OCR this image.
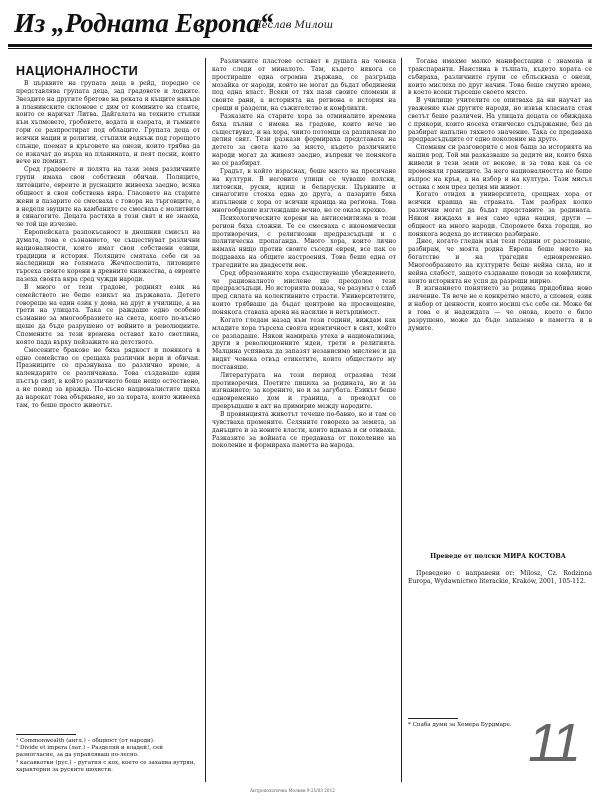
Из „Родната Европа“
Чеслав Милош
НАЦИОНАЛНОСТИ

В църквите на групата деца в рейд, поредно се представлява групата деца, зад градовете и лодките. Звездите на другите брегове на реката и къщите някъде в планинските склонове с дим от комините на стаите, които се наричат Литва. Дайгалата на техните стъпки към хълмовете, гробовете, водата и езерата, и тъмните гори се разпростират под облаците. Групата деца от всички нации и религии, стъпили веднъж под горещото слънце, поемат в кръговете на онези, които трябва да се изкачат до върха на планината, и пеят песни, които вече не помнят.

Сред градовете и полята на тази земя различните групи имаха свои собствени обичаи. Поляците, литовците, евреите и руснаците живееха заедно, всяка общност в своя собствена вяра. Гласовете на старите жени в пазарите се смесваха с говора на търговците, а в неделя звуците на камбаните се смесваха с молитвите в синагогите. Децата растяха в този свят и не знаеха, че той ще изчезне.

Европейската разпокъсаност в днешния смисъл на думата, това е съзнанието, че съществуват различни националности, които имат свои собствени езици, традиции и история. Поляците смятаха себе си за наследници на голямата Жечпосполита, литовците търсеха своите корени в древните княжества, а евреите пазеха своята вяра сред чужди народи.

В много от тези градове, родният език на семейството не беше езикът на държавата. Детето говореше на един език у дома, на друг в училище, а на трети на улицата. Така се раждаше едно особено съзнание за многообразието на света, което по-късно щеше да бъде разрушено от войните и революциите. Спомените за тези времена остават като светлина, която пада върху пейзажите на детството.

Смесените бракове не бяха рядкост и понякога в едно семейство се срещаха различни вери и обичаи. Празниците се празнуваха по различно време, а календарите се различаваха. Това създаваше един пъстър свят, в който различието беше нещо естествено, а не повод за вражда. По-късно националистите щяха да нарекат това объркване, но за хората, които живееха там, то беше просто животът.

Различните пластове остават в душата на човека като следи от миналото. Там, където някога се простираше една огромна държава, се разгръща мозайка от народи, които не могат да бъдат обединени под една власт. Всеки от тях пази своите спомени и своите рани, а историята на региона е история на срещи и раздели, на съжителство и конфликти.

Разказите на старите хора за отминалите времена бяха пълни с имена на градове, които вече не съществуват, и на хора, чиито потомци са разпилени по целия свят. Тези разкази формираха представата на детето за света като за място, където различните народи могат да живеят заедно, въпреки че понякога не се разбират.

Градът, в който израснах, беше място на пресичане на култури. В неговите улици се чуваше полски, литовски, руски, идиш и беларуски. Църквите и синагогите стояха една до друга, а пазарите бяха изпълнени с хора от всички краища на региона. Това многообразие изглеждаше вечно, но се оказа крехко.

Психологическите корени на антисемитизма в този регион бяха сложни. Те се смесваха с икономически противоречия, с религиозни предразсъдъци и с политическа пропаганда. Много хора, които лично нямаха нищо против своите съседи евреи, все пак се поддаваха на общите настроения. Това беше една от трагедиите на двадесети век.

Сред образованите хора съществуваше убеждението, че рационалното мислене ще преодолее тези предразсъдъци. Но историята показа, че разумът е слаб пред силата на колективните страсти. Университетите, които трябваше да бъдат центрове на просвещение, понякога ставаха арена на насилие и нетърпимост.

Когато гледам назад към тези години, виждам как младите хора търсеха своята идентичност в свят, който се разпадаше. Някои намираха утеха в национализма, други в революционните идеи, трети в религията. Малцина успяваха да запазят независимо мислене и да видят човека отвъд етикетите, които обществото му поставяше.

Литературата на този период отразява тези противоречия. Поетите пишеха за родината, но и за изгнанието; за корените, но и за загубата. Езикът беше едновременно дом и граница, а преводът се превръщаше в акт на примирие между народите.

В провинцията животът течеше по-бавно, но и там се чувстваха промените. Селяните говореха за земята, за данъците и за новите власти, които идваха и си отиваха. Разказите за войната се предаваха от поколение на поколение и формираха паметта на народа.

Тогава имахме малко манифестации с знамена и транспаранти. Наистина в тълпата, където хората се събираха, различните групи се сблъскваха с онези, които мислеха по друг начин. Това беше смутно време, в което всеки търсеше своето място.

В училище учителите се опитваха да ни научат на уважение към другите народи, но извън класната стая светът беше различен. На улицата децата се обиждаха с прякори, които носеха етническо съдържание, без да разбират напълно тяхното значение. Така се предаваха предразсъдъците от едно поколение на друго.

Спомням си разговорите с моя баща за историята на нашия род. Той ми разказваше за дедите ни, които бяха живели в тези земи от векове, и за това как са се променяли границите. За него националността не беше въпрос на кръв, а на избор и на култура. Тази мисъл остана с мен през целия ми живот.

Когато отидох в университета, срещнах хора от всички краища на страната. Там разбрах колко различни могат да бъдат представите за родината. Някои виждаха в нея само една нация, други — общност на много народи. Споровете бяха горещи, но понякога водеха до истинско разбиране.

Днес, когато гледам към тези години от разстояние, разбирам, че моята родна Европа беше място на богатство и на трагедия едновременно. Многообразието на културите беше нейна сила, но и нейна слабост, защото създаваше поводи за конфликти, които историята не успя да разреши мирно.

В изгнанието понятието за родина придобива ново значение. Тя вече не е конкретно място, а спомен, език и набор от ценности, които носиш със себе си. Може би в това е и надеждата — че онова, което е било разрушено, може да бъде запазено в паметта и в думите.

Преведе от полски МИРА КОСТОВА

Преведено с направени от: Milosz, Cz. Rodzinna Europa, Wydawnictwo literackie, Kraków, 2001, 105-112.

¹ Commonwealth (англ.) – общност (от народи).
² Divide et impera (лат.) – Разделяй и владей!, сей разноглаcие, за да управляваш по-лесно.
³ касавкотки (рус.) – ругатня с кох, което се захапва вутрян, характерни за руските шохисти.
* Спаба думи за Хемера Бурдмаре. 11
Антропологична Молнев 9-25/03 2012
